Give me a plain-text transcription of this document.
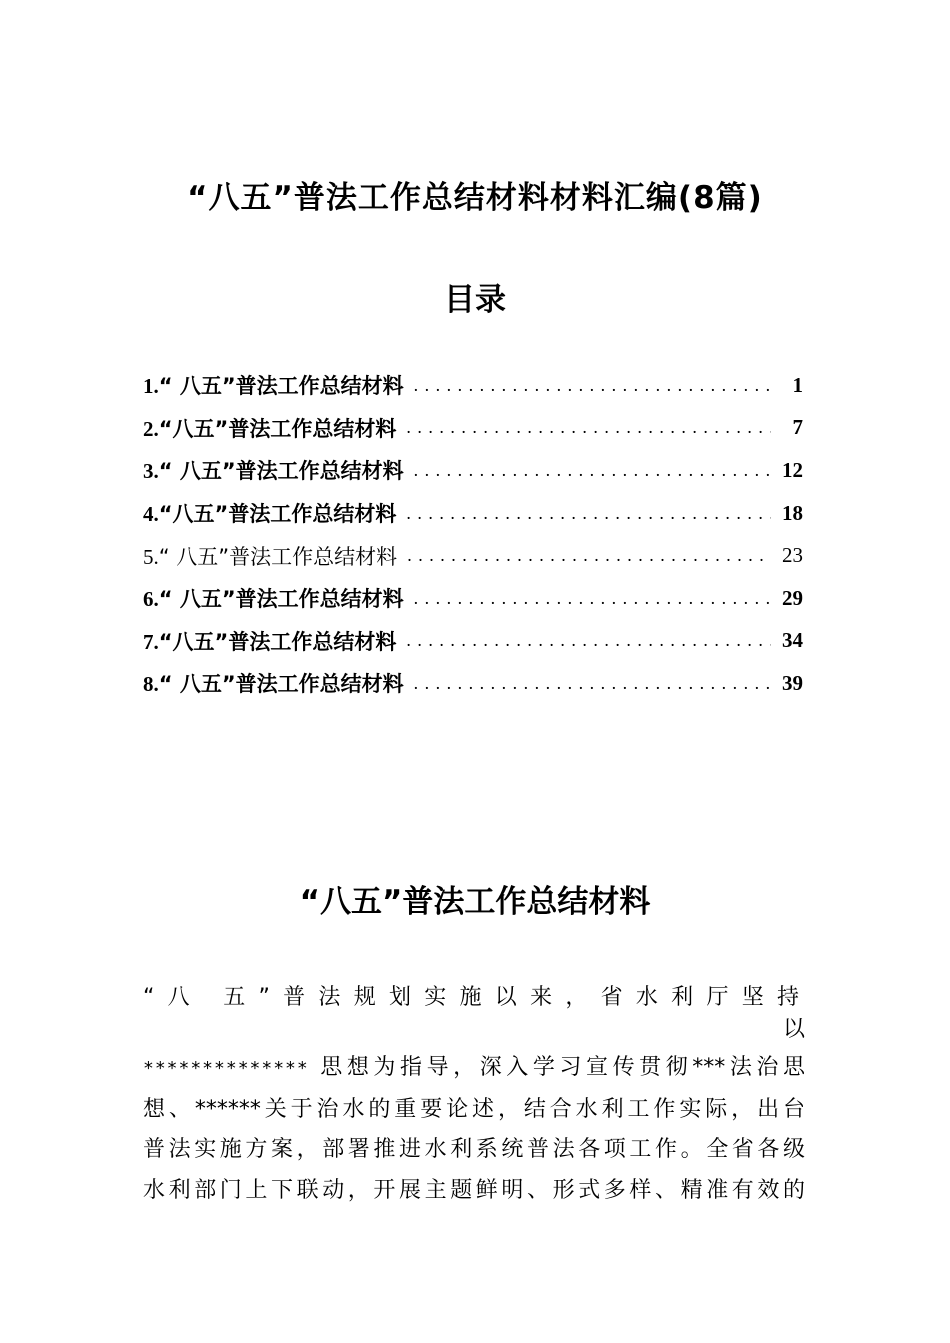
“八五”普法工作总结材料材料汇编(8篇)
目录
1.“ 八五”普法工作总结材料 . . .	1
2.“八五”普法工作总结材料 . . .	7
3.“ 八五”普法工作总结材料 . . .	12
4.“八五”普法工作总结材料 . . .	18
5.“ 八五”普法工作总结材料 . . .	23
6.“ 八五”普法工作总结材料 . . .	29
7.“八五”普法工作总结材料 . . .	34
8.“ 八五”普法工作总结材料 . . .	39
“八五”普法工作总结材料
“八 五”普法规划实施以来，省水利厅坚持
以
************** 思想为指导，深入学习宣传贯彻***法治思
想、******关于治水的重要论述，结合水利工作实际，出台
普法实施方案，部署推进水利系统普法各项工作。全省各级
水利部门上下联动，开展主题鲜明、形式多样、精准有效的
